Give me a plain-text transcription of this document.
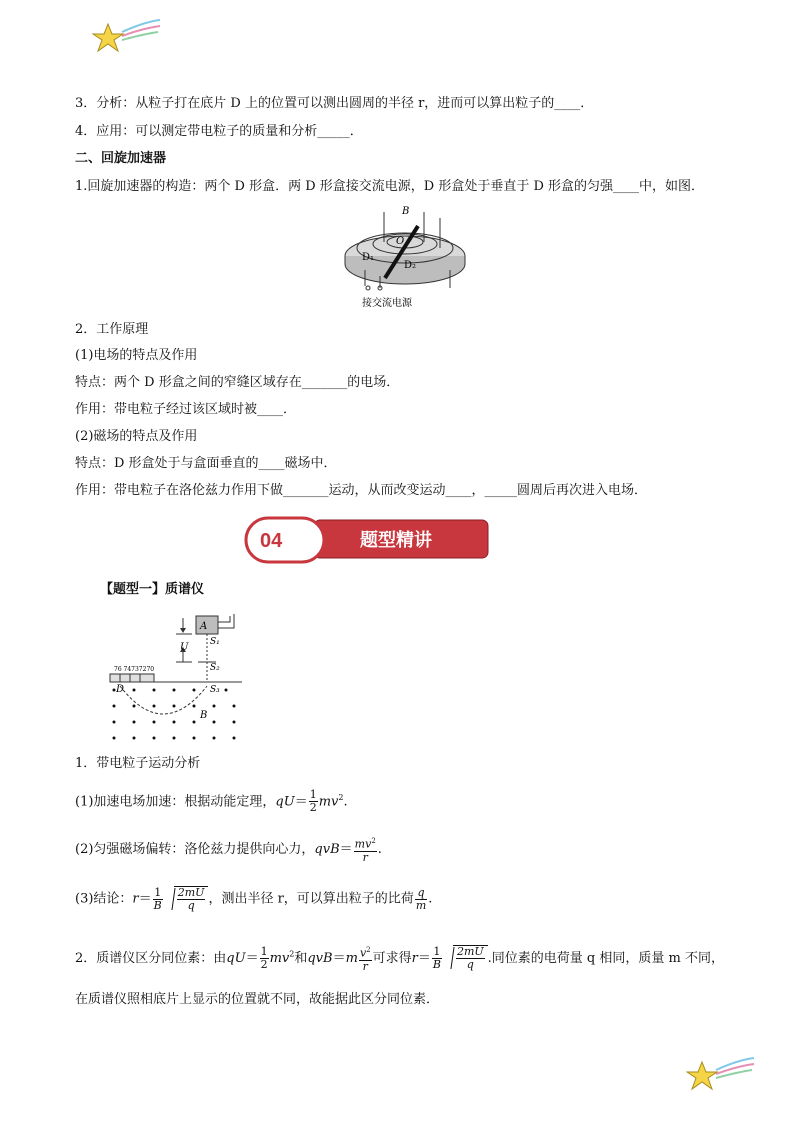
3．分析：从粒子打在底片 D 上的位置可以测出圆周的半径 r，进而可以算出粒子的____．
4．应用：可以测定带电粒子的质量和分析_____．
二、回旋加速器
1.回旋加速器的构造：两个 D 形盒．两 D 形盒接交流电源，D 形盒处于垂直于 D 形盒的匀强____中，如图．
B
O
D₁
D₂
接交流电源
2．工作原理
(1)电场的特点及作用
特点：两个 D 形盒之间的窄缝区域存在_______的电场．
作用：带电粒子经过该区域时被____．
(2)磁场的特点及作用
特点：D 形盒处于与盒面垂直的____磁场中．
作用：带电粒子在洛伦兹力作用下做_______运动，从而改变运动____，_____圆周后再次进入电场．
04	题型精讲
【题型一】质谱仪
A
U S₁
S₂
S₃
D
B
76 74737270
1．带电粒子运动分析
(1)加速电场加速：根据动能定理，$qU= \frac{1}{2} mv^2$.
(2)匀强磁场偏转：洛伦兹力提供向心力，$qvB= \frac{mv^2}{r}$ .
(3)结论：$r= \frac{1}{B} \frac{2mU}{q}$ ，测出半径 r，可以算出粒子的比荷 $\frac{q}{m}$ .
2．质谱仪区分同位素：由$qU= \frac{1}{2} mv^2$和$qvB=m \frac{v^2}{r}$ 可求得$r= \frac{1}{B} \frac{2mU}{q}$ .同位素的电荷量 q 相同，质量 m 不同，
在质谱仪照相底片上显示的位置就不同，故能据此区分同位素．
